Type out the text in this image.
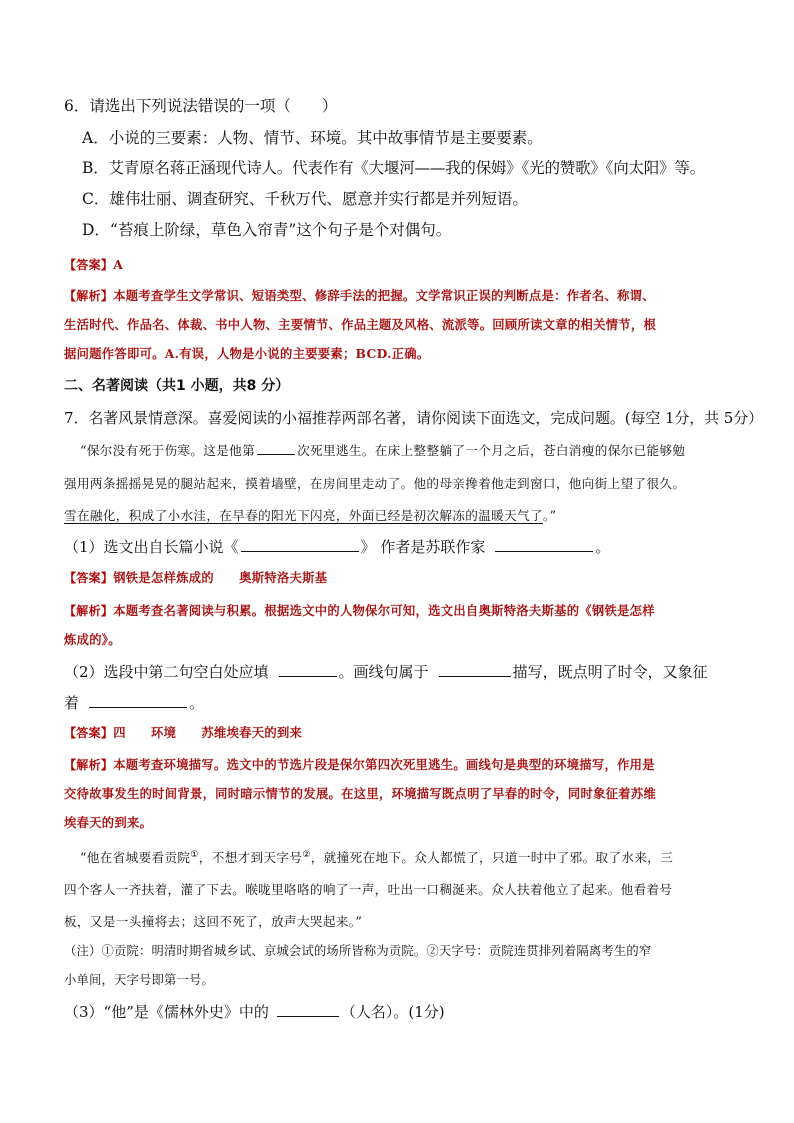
6．请选出下列说法错误的一项（　　）
A．小说的三要素：人物、情节、环境。其中故事情节是主要要素。
B．艾青原名蒋正涵现代诗人。代表作有《大堰河——我的保姆》《光的赞歌》《向太阳》等。
C．雄伟壮丽、调查研究、千秋万代、愿意并实行都是并列短语。
D．“苔痕上阶绿，草色入帘青”这个句子是个对偶句。
【答案】A
【解析】本题考查学生文学常识、短语类型、修辞手法的把握。文学常识正误的判断点是：作者名、称谓、
生活时代、作品名、体裁、书中人物、主要情节、作品主题及风格、流派等。回顾所读文章的相关情节，根
据问题作答即可。A.有误，人物是小说的主要要素；BCD.正确。
二、名著阅读（共1 小题，共8 分）
7．名著风景情意深。喜爱阅读的小福推荐两部名著，请你阅读下面选文，完成问题。(每空 1分，共 5分）
“保尔没有死于伤寒。这是他第	次死里逃生。在床上整整躺了一个月之后，苍白消瘦的保尔已能够勉
强用两条摇摇晃晃的腿站起来，摸着墙壁，在房间里走动了。他的母亲搀着他走到窗口，他向街上望了很久。
雪在融化，积成了小水洼，在早春的阳光下闪亮，外面已经是初次解冻的温暖天气了。”
（1）选文出自长篇小说《	》 作者是苏联作家	。
【答案】钢铁是怎样炼成的　　奥斯特洛夫斯基
【解析】本题考查名著阅读与积累。根据选文中的人物保尔可知，选文出自奥斯特洛夫斯基的《钢铁是怎样
炼成的》。
（2）选段中第二句空白处应填	。画线句属于	描写，既点明了时令，又象征
着	。
【答案】四　　环境　　苏维埃春天的到来
【解析】本题考查环境描写。选文中的节选片段是保尔第四次死里逃生。画线句是典型的环境描写，作用是
交待故事发生的时间背景，同时暗示情节的发展。在这里，环境描写既点明了早春的时令，同时象征着苏维
埃春天的到来。
“他在省城要看贡院①，不想才到天字号②，就撞死在地下。众人都慌了，只道一时中了邪。取了水来，三
四个客人一齐扶着，灌了下去。喉咙里咯咯的响了一声，吐出一口稠涎来。众人扶着他立了起来。他看着号
板，又是一头撞将去；这回不死了，放声大哭起来。”
（注）①贡院：明清时期省城乡试、京城会试的场所皆称为贡院。②天字号：贡院连贯排列着隔离考生的窄
小单间，天字号即第一号。
（3）“他”是《儒林外史》中的	（人名）。(1分)
